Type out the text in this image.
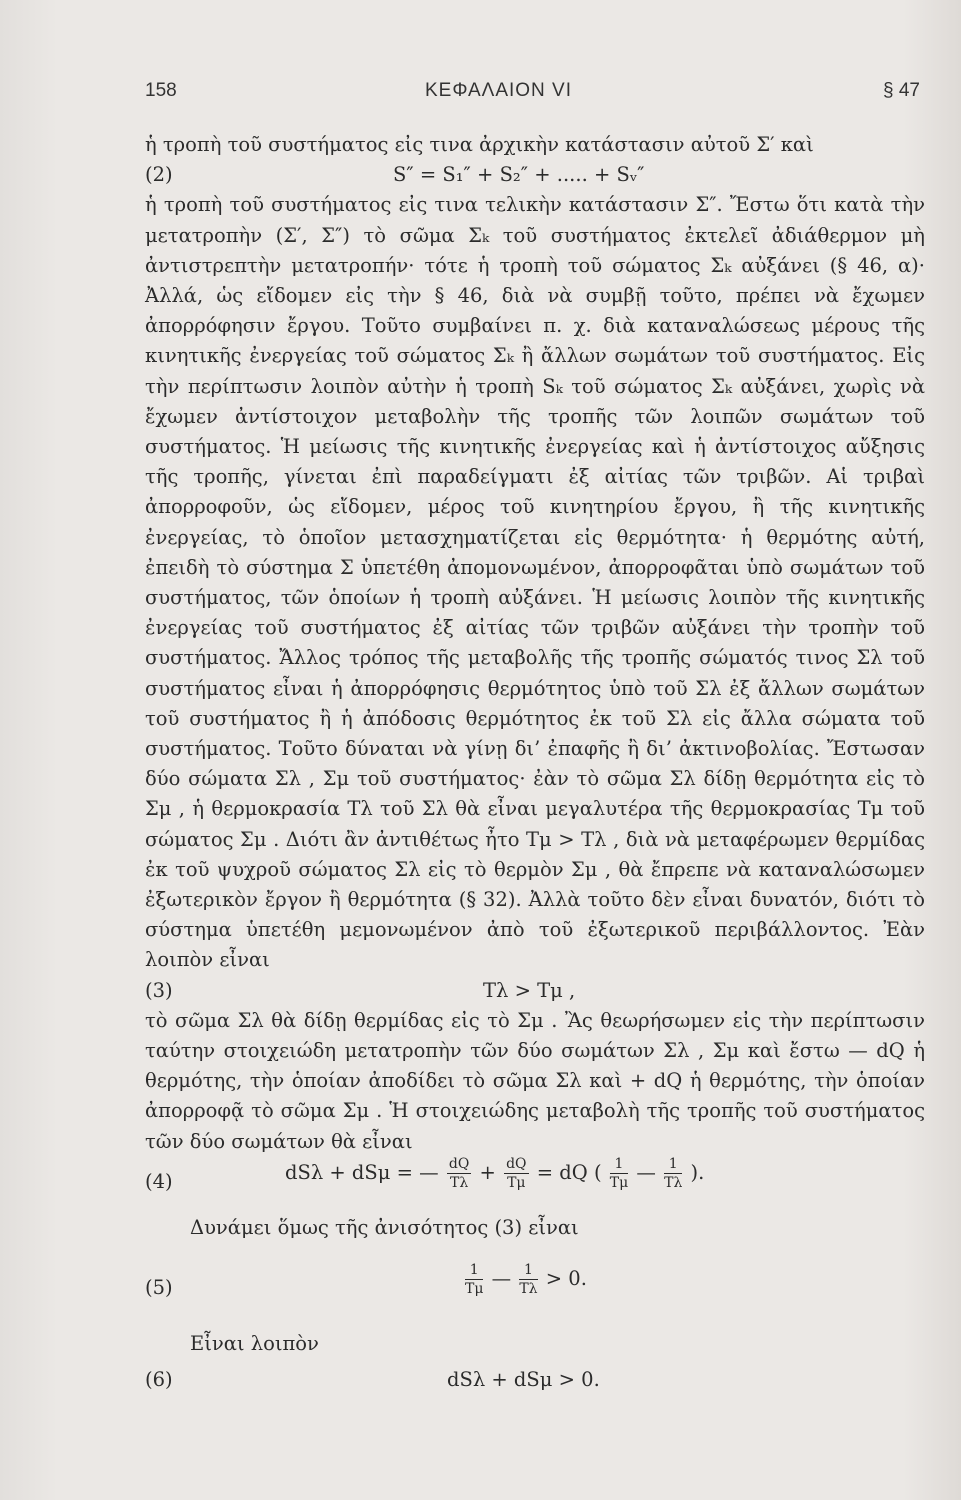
158	ΚΕΦΑΛΑΙΟΝ VI	§ 47

ἡ τροπὴ τοῦ συστήματος εἰς τινα ἀρχικὴν κατάστασιν αὐτοῦ Σ′ καὶ

(2)	S″ = S₁″ + S₂″ + ..... + Sᵥ″

ἡ τροπὴ τοῦ συστήματος εἰς τινα τελικὴν κατάστασιν Σ″. Ἔστω ὅτι κατὰ τὴν μετατροπὴν (Σ′, Σ″) τὸ σῶμα Σₖ τοῦ συστήματος ἐκτελεῖ ἀδιάθερμον μὴ ἀντιστρεπτὴν μετατροπήν· τότε ἡ τροπὴ τοῦ σώματος Σₖ αὐξάνει (§ 46, α)· Ἀλλά, ὡς εἴδομεν εἰς τὴν § 46, διὰ νὰ συμβῇ τοῦτο, πρέπει νὰ ἔχωμεν ἀπορρόφησιν ἔργου. Τοῦτο συμβαίνει π. χ. διὰ καταναλώσεως μέρους τῆς κινητικῆς ἐνεργείας τοῦ σώματος Σₖ ἢ ἄλλων σωμάτων τοῦ συστήματος. Εἰς τὴν περίπτωσιν λοιπὸν αὐτὴν ἡ τροπὴ Sₖ τοῦ σώματος Σₖ αὐξάνει, χωρὶς νὰ ἔχωμεν ἀντίστοιχον μεταβολὴν τῆς τροπῆς τῶν λοιπῶν σωμάτων τοῦ συστήματος. Ἡ μείωσις τῆς κινητικῆς ἐνεργείας καὶ ἡ ἀντίστοιχος αὔξησις τῆς τροπῆς, γίνεται ἐπὶ παραδείγματι ἐξ αἰτίας τῶν τριβῶν. Αἱ τριβαὶ ἀπορροφοῦν, ὡς εἴδομεν, μέρος τοῦ κινητηρίου ἔργου, ἢ τῆς κινητικῆς ἐνεργείας, τὸ ὁποῖον μετασχηματίζεται εἰς θερμότητα· ἡ θερμότης αὐτή, ἐπειδὴ τὸ σύστημα Σ ὑπετέθη ἀπομονωμένον, ἀπορροφᾶται ὑπὸ σωμάτων τοῦ συστήματος, τῶν ὁποίων ἡ τροπὴ αὐξάνει. Ἡ μείωσις λοιπὸν τῆς κινητικῆς ἐνεργείας τοῦ συστήματος ἐξ αἰτίας τῶν τριβῶν αὐξάνει τὴν τροπὴν τοῦ συστήματος. Ἄλλος τρόπος τῆς μεταβολῆς τῆς τροπῆς σώματός τινος Σλ τοῦ συστήματος εἶναι ἡ ἀπορρόφησις θερμότητος ὑπὸ τοῦ Σλ ἐξ ἄλλων σωμάτων τοῦ συστήματος ἢ ἡ ἀπόδοσις θερμότητος ἐκ τοῦ Σλ εἰς ἄλλα σώματα τοῦ συστήματος. Τοῦτο δύναται νὰ γίνῃ δι’ ἐπαφῆς ἢ δι’ ἀκτινοβολίας. Ἔστωσαν δύο σώματα Σλ , Σμ τοῦ συστήματος· ἐὰν τὸ σῶμα Σλ δίδῃ θερμότητα εἰς τὸ Σμ , ἡ θερμοκρασία Τλ τοῦ Σλ θὰ εἶναι μεγαλυτέρα τῆς θερμοκρασίας Τμ τοῦ σώματος Σμ . Διότι ἂν ἀντιθέτως ἦτο Τμ > Τλ , διὰ νὰ μεταφέρωμεν θερμίδας ἐκ τοῦ ψυχροῦ σώματος Σλ εἰς τὸ θερμὸν Σμ , θὰ ἔπρεπε νὰ καταναλώσωμεν ἐξωτερικὸν ἔργον ἢ θερμότητα (§ 32). Ἀλλὰ τοῦτο δὲν εἶναι δυνατόν, διότι τὸ σύστημα ὑπετέθη μεμονωμένον ἀπὸ τοῦ ἐξωτερικοῦ περιβάλλοντος. Ἐὰν λοιπὸν εἶναι

(3)	Τλ > Τμ ,

τὸ σῶμα Σλ θὰ δίδῃ θερμίδας εἰς τὸ Σμ . Ἂς θεωρήσωμεν εἰς τὴν περίπτωσιν ταύτην στοιχειώδη μετατροπὴν τῶν δύο σωμάτων Σλ , Σμ καὶ ἔστω — dQ ἡ θερμότης, τὴν ὁποίαν ἀποδίδει τὸ σῶμα Σλ καὶ + dQ ἡ θερμότης, τὴν ὁποίαν ἀπορροφᾷ τὸ σῶμα Σμ . Ἡ στοιχειώδης μεταβολὴ τῆς τροπῆς τοῦ συστήματος τῶν δύο σωμάτων θὰ εἶναι

(4)	dSλ + dSμ = — $\frac{dQ}{T\lambda} + \frac{dQ}{T\mu}$ = dQ ( $\frac{1}{T\mu}$ — $\frac{1}{T\lambda}$ ).

Δυνάμει ὅμως τῆς ἀνισότητος (3) εἶναι

(5)	$\frac{1}{T\mu}$ — $\frac{1}{T\lambda} > 0$.

Εἶναι λοιπὸν

(6)	dSλ + dSμ > 0.
